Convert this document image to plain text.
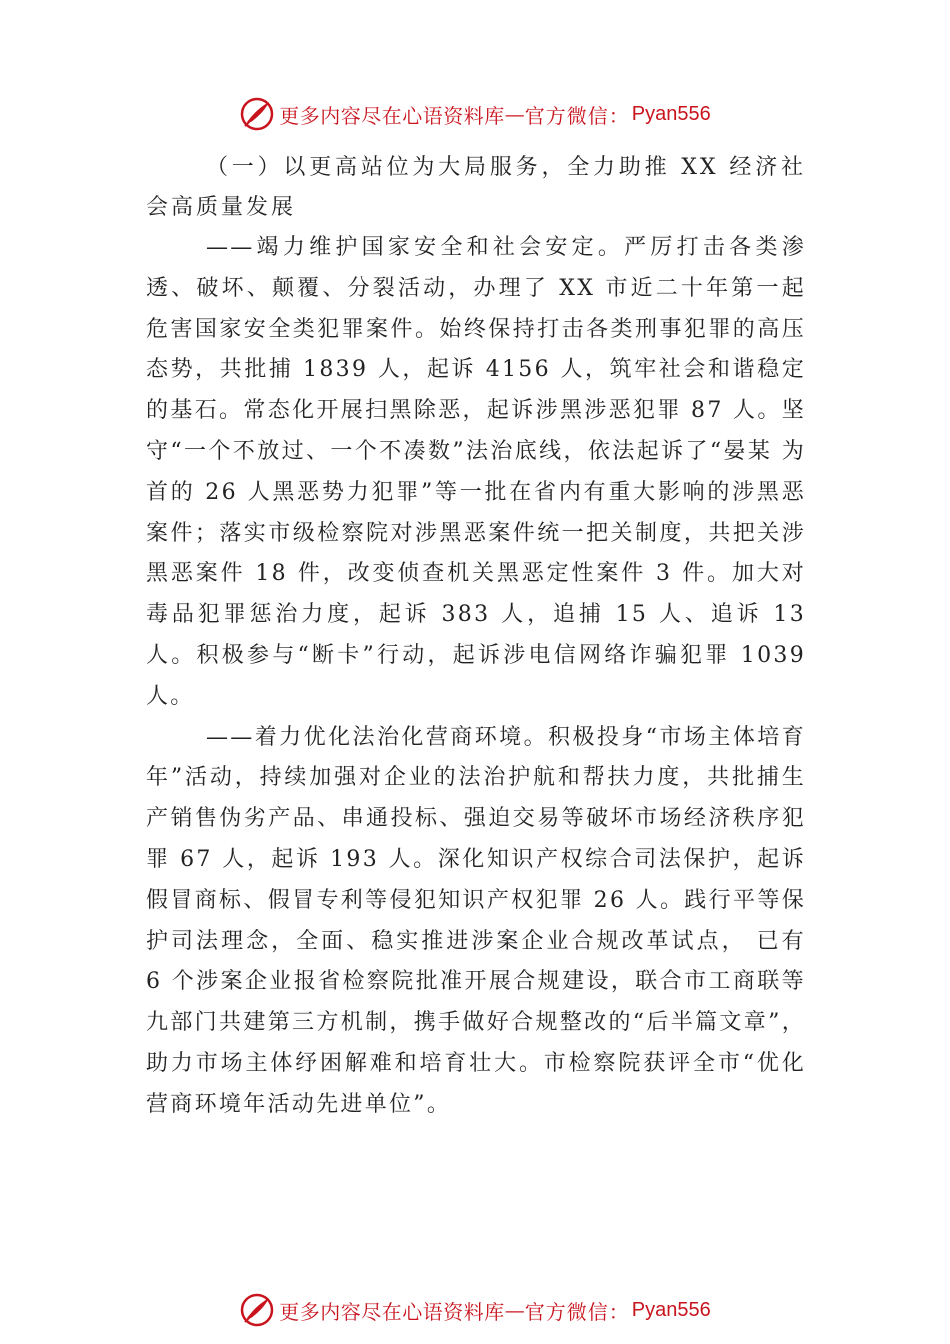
更多内容尽在心语资料库 — 官方微信： Pyan556

（一）以更高站位为大局服务，全力助推 XX 经济社会高质量发展

——竭力维护国家安全和社会安定。严厉打击各类渗透、破坏、颠覆、分裂活动，办理了 XX 市近二十年第一起危害国家安全类犯罪案件。始终保持打击各类刑事犯罪的高压态势，共批捕 1839 人，起诉 4156 人，筑牢社会和谐稳定的基石。常态化开展扫黑除恶，起诉涉黑涉恶犯罪 87 人。坚守“一个不放过、一个不凑数”法治底线，依法起诉了“晏某 为首的 26 人黑恶势力犯罪”等一批在省内有重大影响的涉黑恶案件；落实市级检察院对涉黑恶案件统一把关制度，共把关涉黑恶案件 18 件，改变侦查机关黑恶定性案件 3 件。加大对毒品犯罪惩治力度，起诉 383 人，追捕 15 人、追诉 13 人。积极参与“断卡”行动，起诉涉电信网络诈骗犯罪 1039 人。

——着力优化法治化营商环境。积极投身“市场主体培育年”活动，持续加强对企业的法治护航和帮扶力度，共批捕生产销售伪劣产品、串通投标、强迫交易等破坏市场经济秩序犯罪 67 人，起诉 193 人。深化知识产权综合司法保护，起诉假冒商标、假冒专利等侵犯知识产权犯罪 26 人。践行平等保护司法理念，全面、稳实推进涉案企业合规改革试点， 已有 6 个涉案企业报省检察院批准开展合规建设，联合市工商联等九部门共建第三方机制，携手做好合规整改的“后半篇文章”，助力市场主体纾困解难和培育壮大。市检察院获评全市“优化营商环境年活动先进单位”。

更多内容尽在心语资料库 — 官方微信： Pyan556
